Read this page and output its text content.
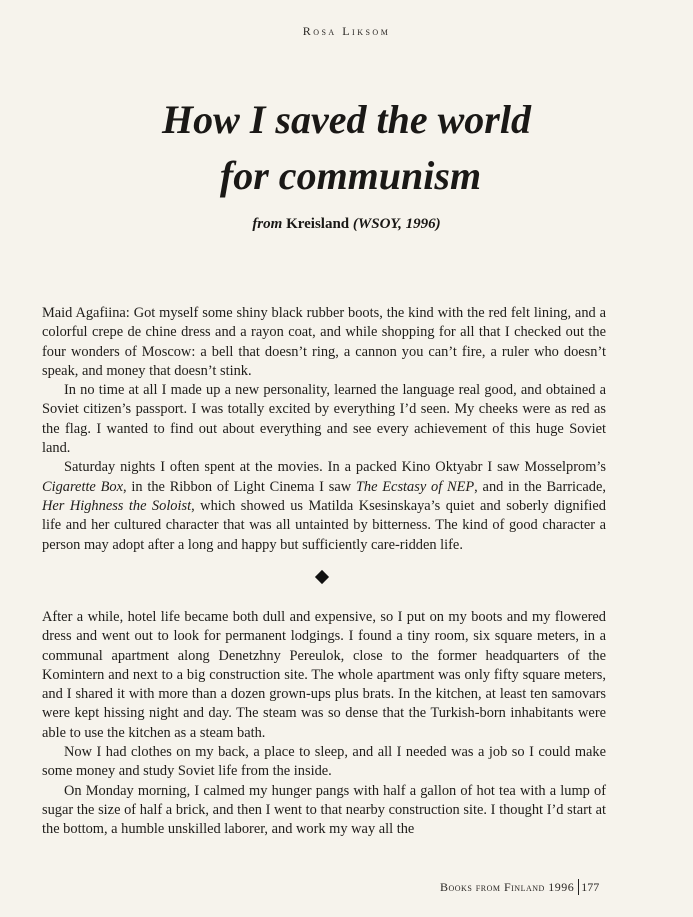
Rosa Liksom
How I saved the world
for communism
from Kreisland (WSOY, 1996)

Maid Agafiina: Got myself some shiny black rubber boots, the kind with the red felt lining, and a colorful crepe de chine dress and a rayon coat, and while shopping for all that I checked out the four wonders of Moscow: a bell that doesn’t ring, a cannon you can’t fire, a ruler who doesn’t speak, and money that doesn’t stink.

In no time at all I made up a new personality, learned the language real good, and obtained a Soviet citizen’s passport. I was totally excited by everything I’d seen. My cheeks were as red as the flag. I wanted to find out about everything and see every achievement of this huge Soviet land.

Saturday nights I often spent at the movies. In a packed Kino Oktyabr I saw Mosselprom’s Cigarette Box, in the Ribbon of Light Cinema I saw The Ecstasy of NEP, and in the Barricade, Her Highness the Soloist, which showed us Matilda Ksesinskaya’s quiet and soberly dignified life and her cultured character that was all untainted by bitterness. The kind of good character a person may adopt after a long and happy but sufficiently care-ridden life.

After a while, hotel life became both dull and expensive, so I put on my boots and my flowered dress and went out to look for permanent lodgings. I found a tiny room, six square meters, in a communal apartment along Denetzhny Pereulok, close to the former headquarters of the Komintern and next to a big construction site. The whole apartment was only fifty square meters, and I shared it with more than a dozen grown-ups plus brats. In the kitchen, at least ten samovars were kept hissing night and day. The steam was so dense that the Turkish-born inhabitants were able to use the kitchen as a steam bath.

Now I had clothes on my back, a place to sleep, and all I needed was a job so I could make some money and study Soviet life from the inside.

On Monday morning, I calmed my hunger pangs with half a gallon of hot tea with a lump of sugar the size of half a brick, and then I went to that nearby construction site. I thought I’d start at the bottom, a humble unskilled laborer, and work my way all the

Books from Finland 1996 177
